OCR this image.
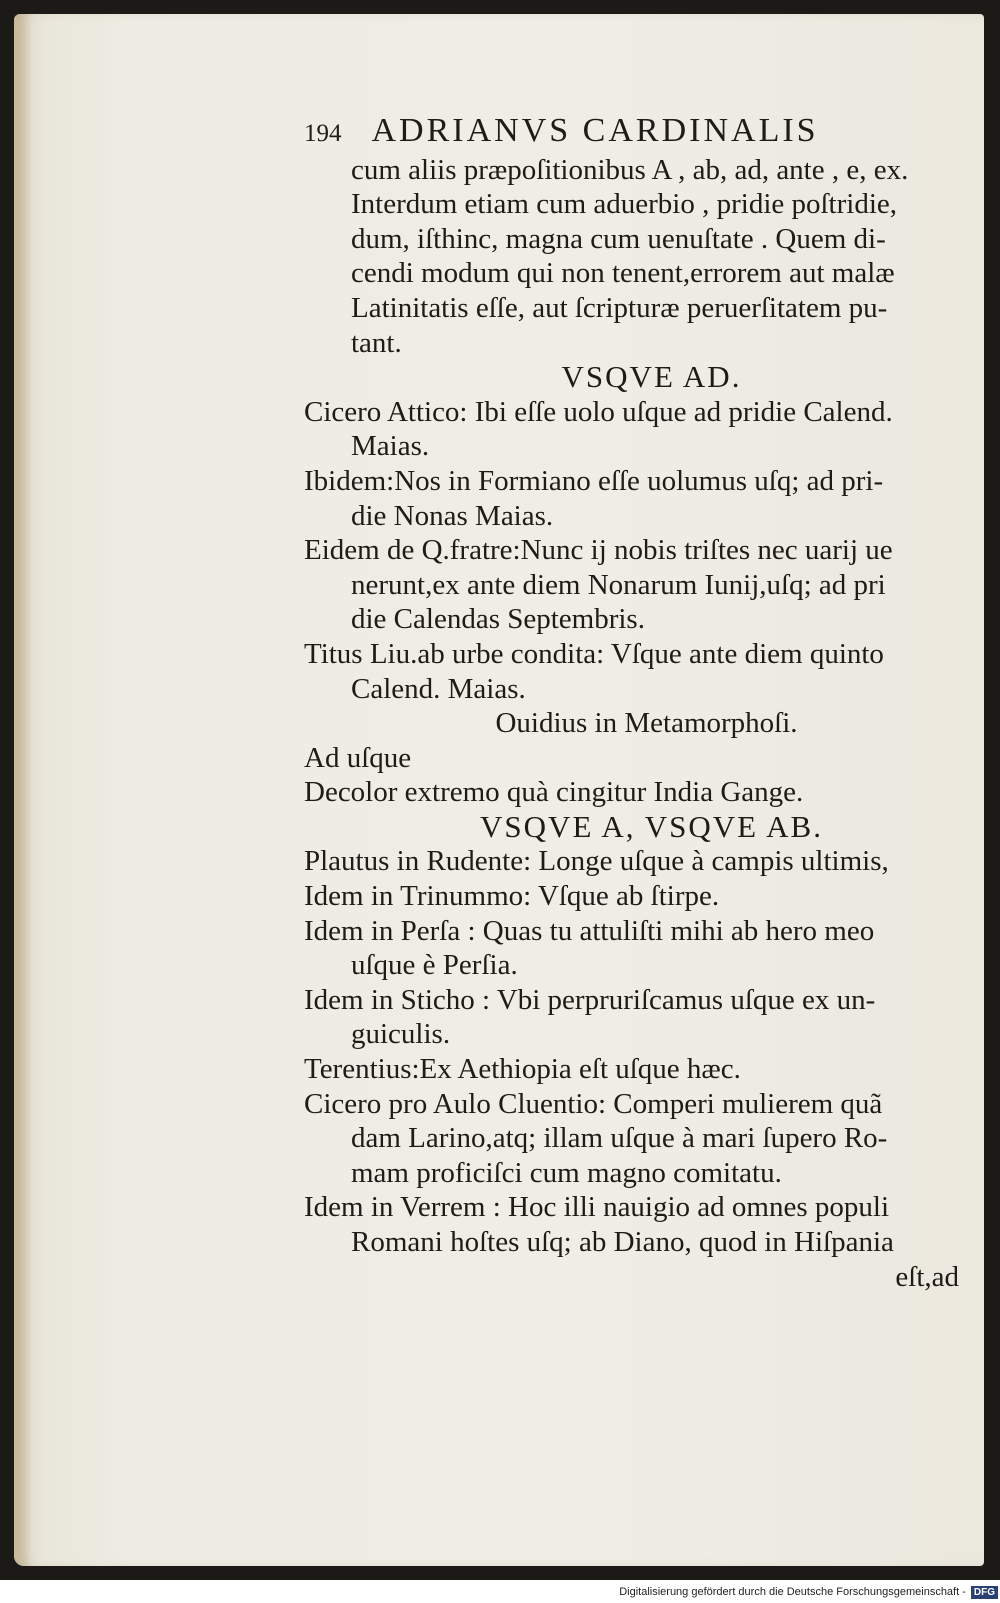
194 ADRIANVS CARDINALIS
cum aliis præpoſitionibus A , ab, ad, ante , e, ex.
Interdum etiam cum aduerbio , pridie poſtridie,
dum, iſthinc, magna cum uenuſtate . Quem di-
cendi modum qui non tenent,errorem aut malæ
Latinitatis eſſe, aut ſcripturæ peruerſitatem pu-
tant.
VSQVE AD.
Cicero Attico: Ibi eſſe uolo uſque ad pridie Calend.
Maias.
Ibidem:Nos in Formiano eſſe uolumus uſq; ad pri-
die Nonas Maias.
Eidem de Q.fratre:Nunc ij nobis triſtes nec uarij ue
nerunt,ex ante diem Nonarum Iunij,uſq; ad pri
die Calendas Septembris.
Titus Liu.ab urbe condita: Vſque ante diem quinto
Calend. Maias.
Ouidius in Metamorphoſi.
Ad uſque
Decolor extremo quà cingitur India Gange.
VSQVE A, VSQVE AB.
Plautus in Rudente: Longe uſque à campis ultimis,
Idem in Trinummo: Vſque ab ſtirpe.
Idem in Perſa : Quas tu attuliſti mihi ab hero meo
uſque è Perſia.
Idem in Sticho : Vbi perpruriſcamus uſque ex un-
guiculis.
Terentius:Ex Aethiopia eſt uſque hæc.
Cicero pro Aulo Cluentio: Comperi mulierem quã
dam Larino,atq; illam uſque à mari ſupero Ro-
mam proficiſci cum magno comitatu.
Idem in Verrem : Hoc illi nauigio ad omnes populi
Romani hoſtes uſq; ab Diano, quod in Hiſpania
eſt,ad
Digitalisierung gefördert durch die Deutsche Forschungsgemeinschaft - DFG
